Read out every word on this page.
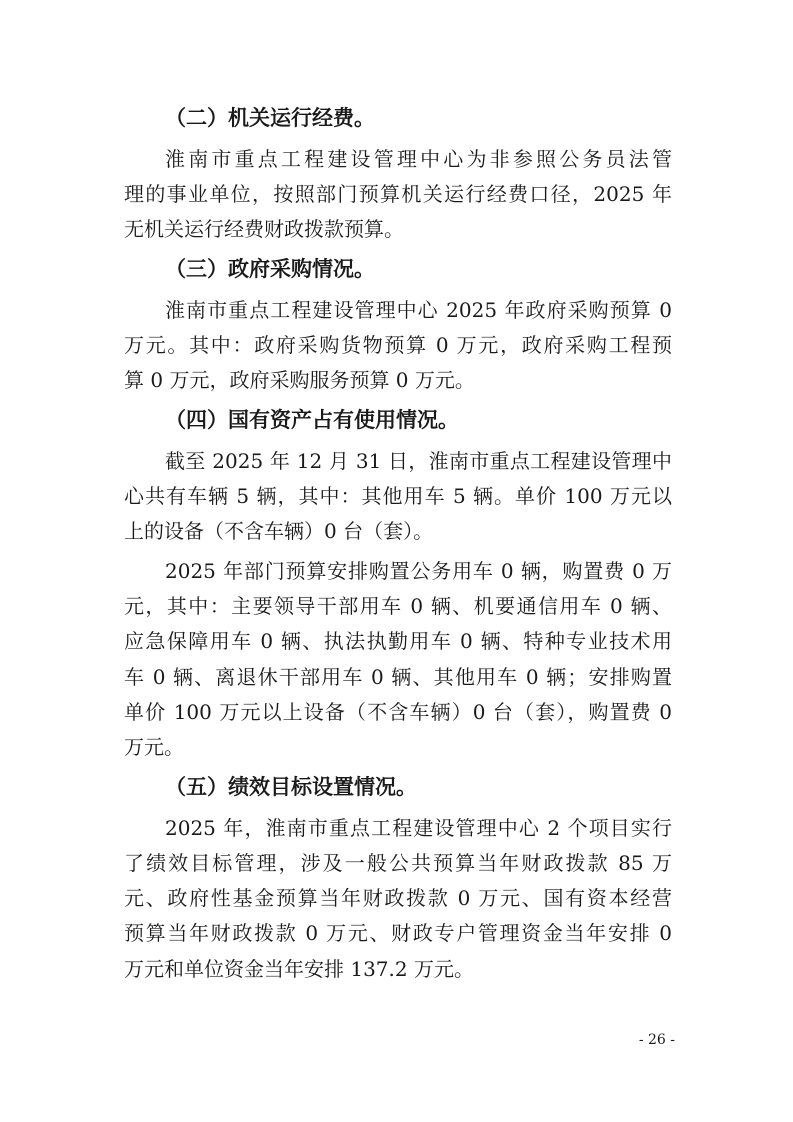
（二）机关运行经费。
淮南市重点工程建设管理中心为非参照公务员法管
理的事业单位，按照部门预算机关运行经费口径，2025 年
无机关运行经费财政拨款预算。
（三）政府采购情况。
淮南市重点工程建设管理中心 2025 年政府采购预算 0
万元。其中：政府采购货物预算 0 万元，政府采购工程预
算 0 万元，政府采购服务预算 0 万元。
（四）国有资产占有使用情况。
截至 2025 年 12 月 31 日，淮南市重点工程建设管理中
心共有车辆 5 辆，其中：其他用车 5 辆。单价 100 万元以
上的设备（不含车辆）0 台（套）。
2025 年部门预算安排购置公务用车 0 辆，购置费 0 万
元，其中：主要领导干部用车 0 辆、机要通信用车 0 辆、
应急保障用车 0 辆、执法执勤用车 0 辆、特种专业技术用
车 0 辆、离退休干部用车 0 辆、其他用车 0 辆；安排购置
单价 100 万元以上设备（不含车辆）0 台（套），购置费 0
万元。
（五）绩效目标设置情况。
2025 年，淮南市重点工程建设管理中心 2 个项目实行
了绩效目标管理，涉及一般公共预算当年财政拨款 85 万
元、政府性基金预算当年财政拨款 0 万元、国有资本经营
预算当年财政拨款 0 万元、财政专户管理资金当年安排 0
万元和单位资金当年安排 137.2 万元。
- 26 -
